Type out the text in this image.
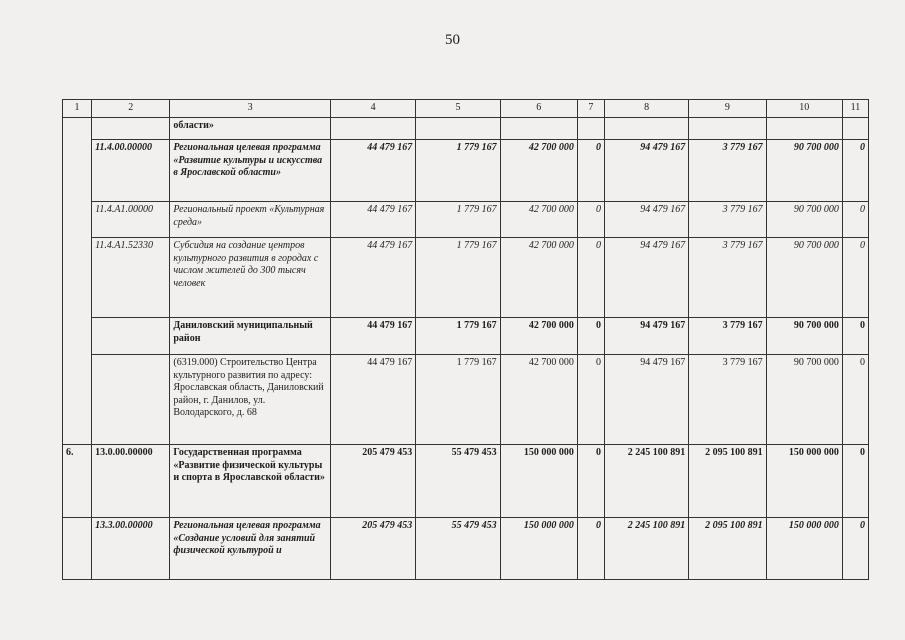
50
1	2	3	4	5	6	7	8	9	10	11
		области»								
	11.4.00.00000	Региональная целевая программа «Развитие культуры и искусства в Ярославской области»	44 479 167	1 779 167	42 700 000	0	94 479 167	3 779 167	90 700 000	0
	11.4.А1.00000	Региональный проект «Культурная среда»	44 479 167	1 779 167	42 700 000	0	94 479 167	3 779 167	90 700 000	0
	11.4.А1.52330	Субсидия на создание центров культурного развития в городах с числом жителей до 300 тысяч человек	44 479 167	1 779 167	42 700 000	0	94 479 167	3 779 167	90 700 000	0
		Даниловский муниципальный район	44 479 167	1 779 167	42 700 000	0	94 479 167	3 779 167	90 700 000	0
		(6319.000) Строительство Центра культурного развития по адресу: Ярославская область, Даниловский район, г. Данилов, ул. Володарского, д. 68	44 479 167	1 779 167	42 700 000	0	94 479 167	3 779 167	90 700 000	0
6.	13.0.00.00000	Государственная программа «Развитие физической культуры и спорта в Ярославской области»	205 479 453	55 479 453	150 000 000	0	2 245 100 891	2 095 100 891	150 000 000	0
	13.3.00.00000	Региональная целевая программа «Создание условий для занятий физической культурой и	205 479 453	55 479 453	150 000 000	0	2 245 100 891	2 095 100 891	150 000 000	0
